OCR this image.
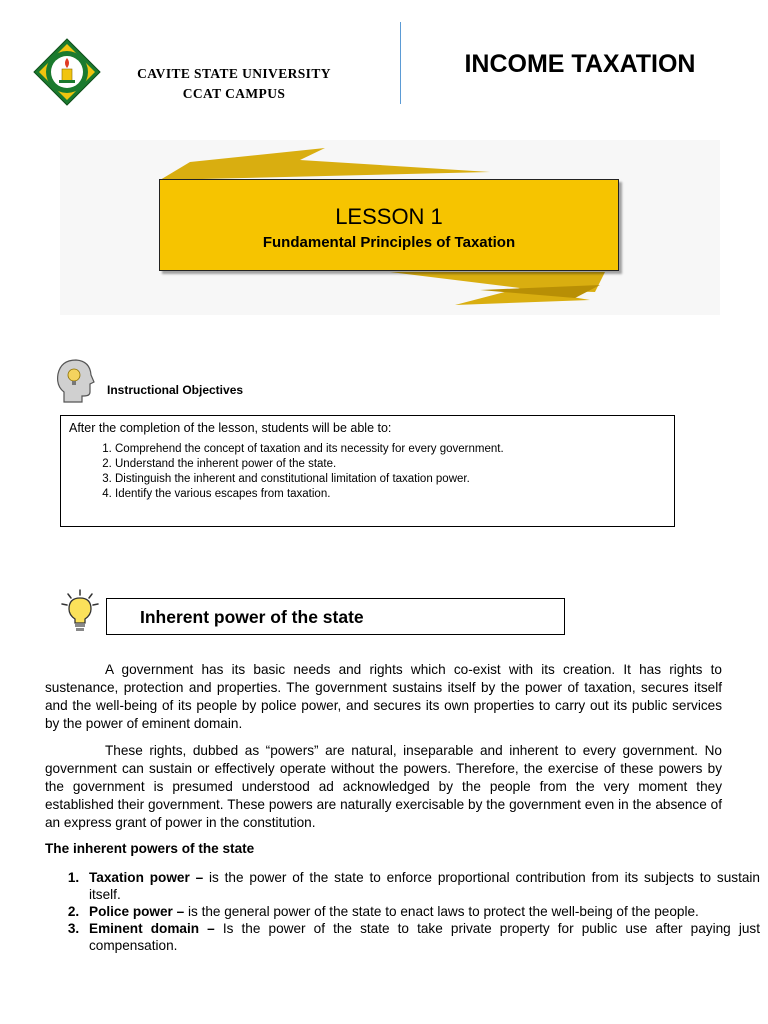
CAVITE STATE UNIVERSITY
CCAT CAMPUS
INCOME TAXATION
LESSON 1
Fundamental Principles of Taxation
Instructional Objectives
After the completion of the lesson, students will be able to:
1. Comprehend the concept of taxation and its necessity for every government.
2. Understand the inherent power of the state.
3. Distinguish the inherent and constitutional limitation of taxation power.
4. Identify the various escapes from taxation.
Inherent power of the state

A government has its basic needs and rights which co-exist with its creation. It has rights to sustenance, protection and properties. The government sustains itself by the power of taxation, secures itself and the well-being of its people by police power, and secures its own properties to carry out its public services by the power of eminent domain.

These rights, dubbed as “powers” are natural, inseparable and inherent to every government. No government can sustain or effectively operate without the powers. Therefore, the exercise of these powers by the government is presumed understood ad acknowledged by the people from the very moment they established their government. These powers are naturally exercisable by the government even in the absence of an express grant of power in the constitution.

The inherent powers of the state
1. Taxation power – is the power of the state to enforce proportional contribution from its subjects to sustain itself.
2. Police power – is the general power of the state to enact laws to protect the well-being of the people.
3. Eminent domain – Is the power of the state to take private property for public use after paying just compensation.
